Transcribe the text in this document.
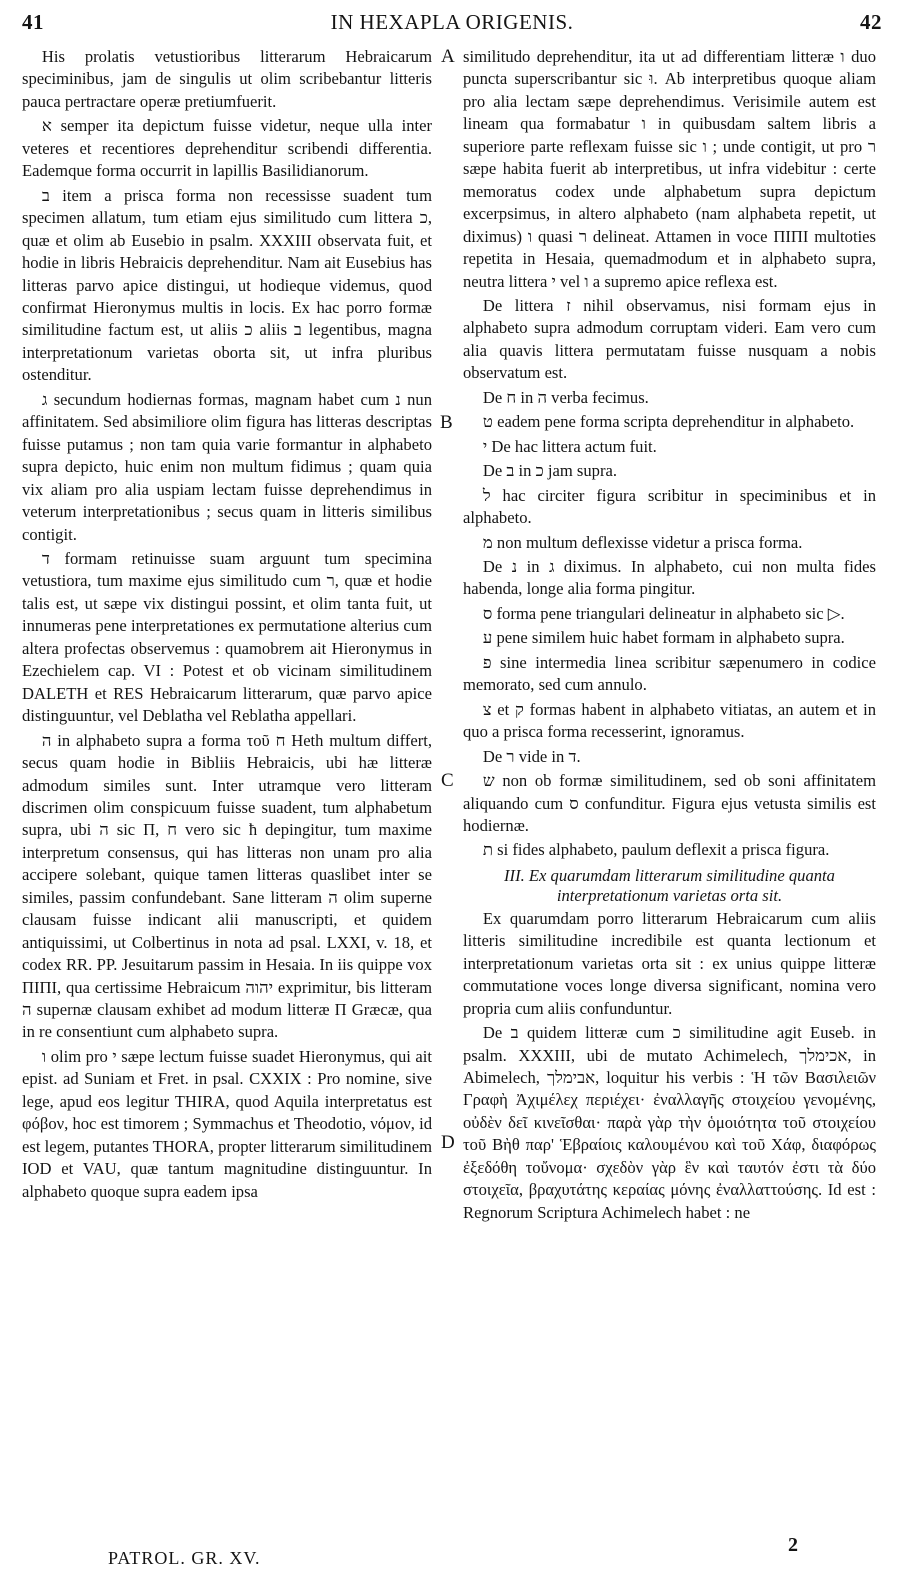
41	IN HEXAPLA ORIGENIS.	42
A
B
C
D

His prolatis vetustioribus litterarum Hebraicarum speciminibus, jam de singulis ut olim scribebantur litteris pauca pertractare operæ pretiumfuerit.

א semper ita depictum fuisse videtur, neque ulla inter veteres et recentiores deprehenditur scribendi differentia. Eademque forma occurrit in lapillis Basilidianorum.

ב item a prisca forma non recessisse suadent tum specimen allatum, tum etiam ejus similitudo cum littera כ, quæ et olim ab Eusebio in psalm. XXXIII observata fuit, et hodie in libris Hebraicis deprehenditur. Nam ait Eusebius has litteras parvo apice distingui, ut hodieque videmus, quod confirmat Hieronymus multis in locis. Ex hac porro formæ similitudine factum est, ut aliis כ aliis ב legentibus, magna interpretationum varietas oborta sit, ut infra pluribus ostenditur.

ג secundum hodiernas formas, magnam habet cum נ nun affinitatem. Sed absimiliore olim figura has litteras descriptas fuisse putamus ; non tam quia varie formantur in alphabeto supra depicto, huic enim non multum fidimus ; quam quia vix aliam pro alia uspiam lectam fuisse deprehendimus in veterum interpretationibus ; secus quam in litteris similibus contigit.

ד formam retinuisse suam arguunt tum specimina vetustiora, tum maxime ejus similitudo cum ר, quæ et hodie talis est, ut sæpe vix distingui possint, et olim tanta fuit, ut innumeras pene interpretationes ex permutatione alterius cum altera profectas observemus : quamobrem ait Hieronymus in Ezechielem cap. VI : Potest et ob vicinam similitudinem DALETH et RES Hebraicarum litterarum, quæ parvo apice distinguuntur, vel Deblatha vel Reblatha appellari.

ה in alphabeto supra a forma τοῦ ח Heth multum differt, secus quam hodie in Bibliis Hebraicis, ubi hæ litteræ admodum similes sunt. Inter utramque vero litteram discrimen olim conspicuum fuisse suadent, tum alphabetum supra, ubi ה sic Π, ח vero sic ħ depingitur, tum maxime interpretum consensus, qui has litteras non unam pro alia accipere solebant, quique tamen litteras quaslibet inter se similes, passim confundebant. Sane litteram ה olim superne clausam fuisse indicant alii manuscripti, et quidem antiquissimi, ut Colbertinus in nota ad psal. LXXI, v. 18, et codex RR. PP. Jesuitarum passim in Hesaia. In iis quippe vox ΠΙΠΙ, qua certissime Hebraicum יהוה exprimitur, bis litteram ה supernæ clausam exhibet ad modum litteræ Π Græcæ, qua in re consentiunt cum alphabeto supra.

ו olim pro י sæpe lectum fuisse suadet Hieronymus, qui ait epist. ad Suniam et Fret. in psal. CXXIX : Pro nomine, sive lege, apud eos legitur THIRA, quod Aquila interpretatus est φόβον, hoc est timorem ; Symmachus et Theodotio, νόμον, id est legem, putantes THORA, propter litterarum similitudinem IOD et VAU, quæ tantum magnitudine distinguuntur. In alphabeto quoque supra eadem ipsa

similitudo deprehenditur, ita ut ad differentiam litteræ ו duo puncta superscribantur sic וּ. Ab interpretibus quoque aliam pro alia lectam sæpe deprehendimus. Verisimile autem est lineam qua formabatur ו in quibusdam saltem libris a superiore parte reflexam fuisse sic ו ; unde contigit, ut pro ר sæpe habita fuerit ab interpretibus, ut infra videbitur : certe memoratus codex unde alphabetum supra depictum excerpsimus, in altero alphabeto (nam alphabeta repetit, ut diximus) ו quasi ר delineat. Attamen in voce ΠΙΠΙ multoties repetita in Hesaia, quemadmodum et in alphabeto supra, neutra littera י vel ו a supremo apice reflexa est.

De littera ז nihil observamus, nisi formam ejus in alphabeto supra admodum corruptam videri. Eam vero cum alia quavis littera permutatam fuisse nusquam a nobis observatum est.

De ח in ה verba fecimus.

ט eadem pene forma scripta deprehenditur in alphabeto.

י De hac littera actum fuit.

De ב in כ jam supra.

ל hac circiter figura scribitur in speciminibus et in alphabeto.

מ non multum deflexisse videtur a prisca forma.

De נ in ג diximus. In alphabeto, cui non multa fides habenda, longe alia forma pingitur.

ס forma pene triangulari delineatur in alphabeto sic ▷.

ע pene similem huic habet formam in alphabeto supra.

פ sine intermedia linea scribitur sæpenumero in codice memorato, sed cum annulo.

צ et ק formas habent in alphabeto vitiatas, an autem et in quo a prisca forma recesserint, ignoramus.

De ר vide in ד.

ש non ob formæ similitudinem, sed ob soni affinitatem aliquando cum ס confunditur. Figura ejus vetusta similis est hodiernæ.

ת si fides alphabeto, paulum deflexit a prisca figura.

III. Ex quarumdam litterarum similitudine quanta interpretationum varietas orta sit.

Ex quarumdam porro litterarum Hebraicarum cum aliis litteris similitudine incredibile est quanta lectionum et interpretationum varietas orta sit : ex unius quippe litteræ commutatione voces longe diversa significant, nomina vero propria cum aliis confunduntur.

De ב quidem litteræ cum כ similitudine agit Euseb. in psalm. XXXIII, ubi de mutato Achimelech, אכימלך, in Abimelech, אבימלך, loquitur his verbis : Ἡ τῶν Βασιλειῶν Γραφὴ Ἀχιμέλεχ περιέχει· ἐναλλαγῆς στοιχείου γενομένης, οὐδὲν δεῖ κινεῖσθαι· παρὰ γὰρ τὴν ὁμοιότητα τοῦ στοιχείου τοῦ Βὴθ παρ' Ἑβραίοις καλουμένου καὶ τοῦ Χάφ, διαφόρως ἐξεδόθη τοὔνομα· σχεδὸν γὰρ ἓν καὶ ταυτόν ἐστι τὰ δύο στοιχεῖα, βραχυτάτης κεραίας μόνης ἐναλλαττούσης. Id est : Regnorum Scriptura Achimelech habet : ne

PATROL. GR. XV.
2
